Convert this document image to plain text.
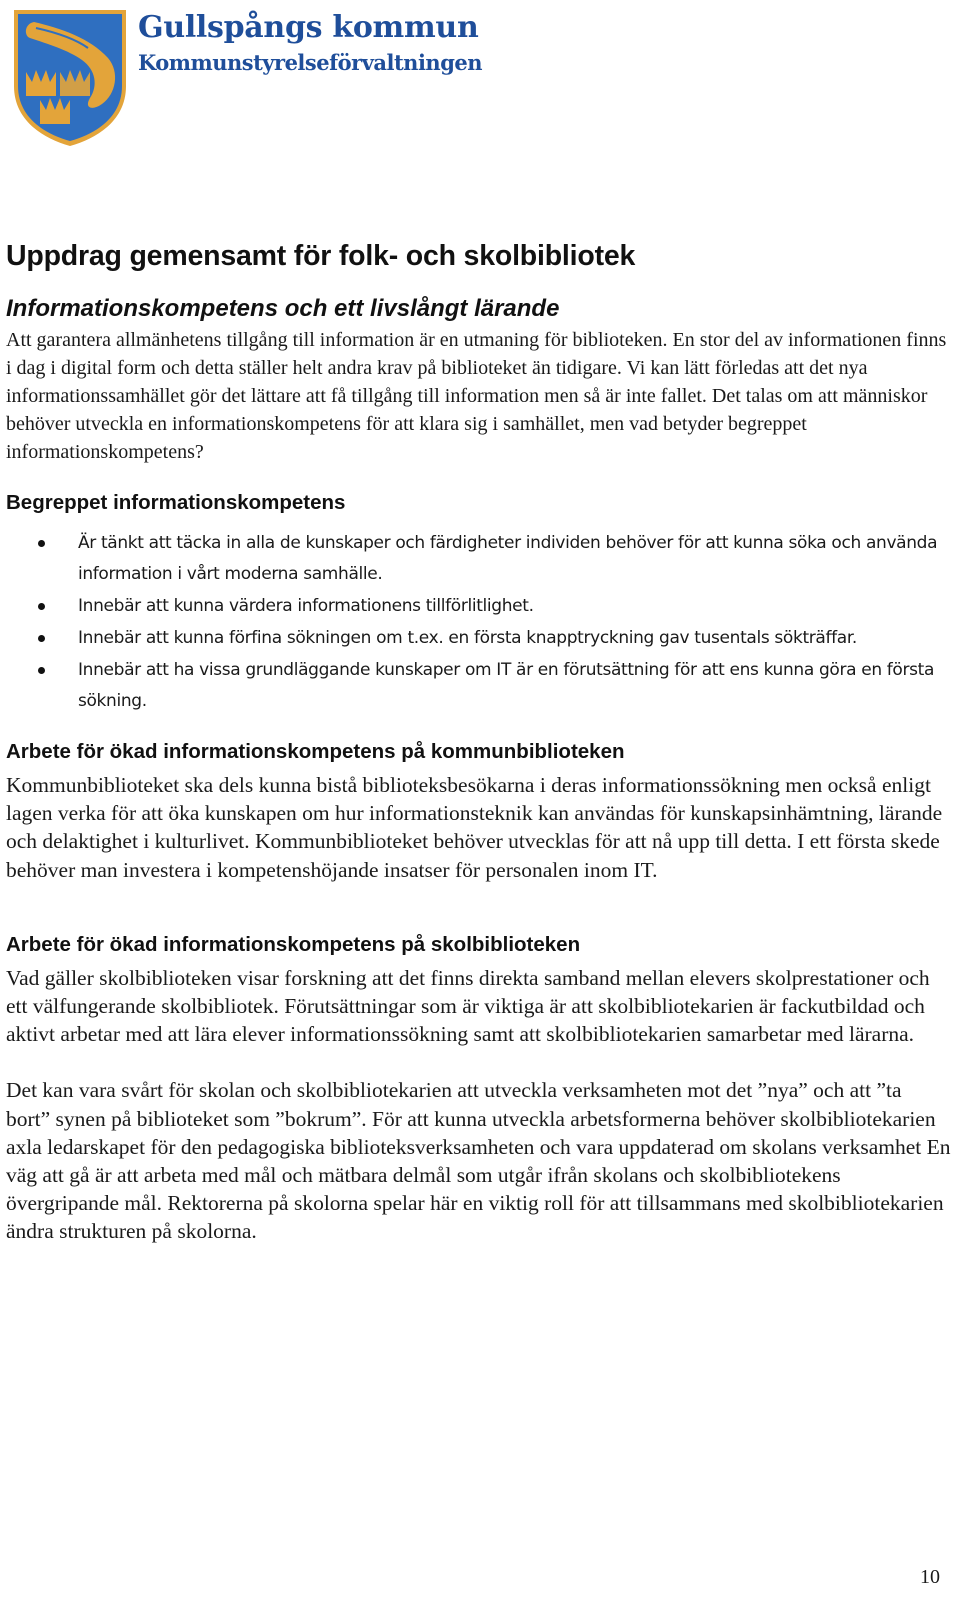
Gullspångs kommun

Kommunstyrelseförvaltningen

Uppdrag gemensamt för folk- och skolbibliotek
Informationskompetens och ett livslångt lärande

Att garantera allmänhetens tillgång till information är en utmaning för biblioteken. En stor del av informationen finns i dag i digital form och detta ställer helt andra krav på biblioteket än tidigare. Vi kan lätt förledas att det nya informationssamhället gör det lättare att få tillgång till information men så är inte fallet. Det talas om att människor behöver utveckla en informationskompetens för att klara sig i samhället, men vad betyder begreppet informationskompetens?

Begreppet informationskompetens
Är tänkt att täcka in alla de kunskaper och färdigheter individen behöver för att kunna söka och använda information i vårt moderna samhälle.
Innebär att kunna värdera informationens tillförlitlighet.
Innebär att kunna förfina sökningen om t.ex. en första knapptryckning gav tusentals sökträffar.
Innebär att ha vissa grundläggande kunskaper om IT är en förutsättning för att ens kunna göra en första sökning.
Arbete för ökad informationskompetens på kommunbiblioteken

Kommunbiblioteket ska dels kunna bistå biblioteksbesökarna i deras informationssökning men också enligt lagen verka för att öka kunskapen om hur informationsteknik kan användas för kunskapsinhämtning, lärande och delaktighet i kulturlivet. Kommunbiblioteket behöver utvecklas för att nå upp till detta. I ett första skede behöver man investera i kompetenshöjande insatser för personalen inom IT.

Arbete för ökad informationskompetens på skolbiblioteken

Vad gäller skolbiblioteken visar forskning att det finns direkta samband mellan elevers skolprestationer och ett välfungerande skolbibliotek. Förutsättningar som är viktiga är att skolbibliotekarien är fackutbildad och aktivt arbetar med att lära elever informationssökning samt att skolbibliotekarien samarbetar med lärarna.

Det kan vara svårt för skolan och skolbibliotekarien att utveckla verksamheten mot det ”nya” och att ”ta bort” synen på biblioteket som ”bokrum”. För att kunna utveckla arbetsformerna behöver skolbibliotekarien axla ledarskapet för den pedagogiska biblioteksverksamheten och vara uppdaterad om skolans verksamhet En väg att gå är att arbeta med mål och mätbara delmål som utgår ifrån skolans och skolbibliotekens övergripande mål. Rektorerna på skolorna spelar här en viktig roll för att tillsammans med skolbibliotekarien ändra strukturen på skolorna.

10
